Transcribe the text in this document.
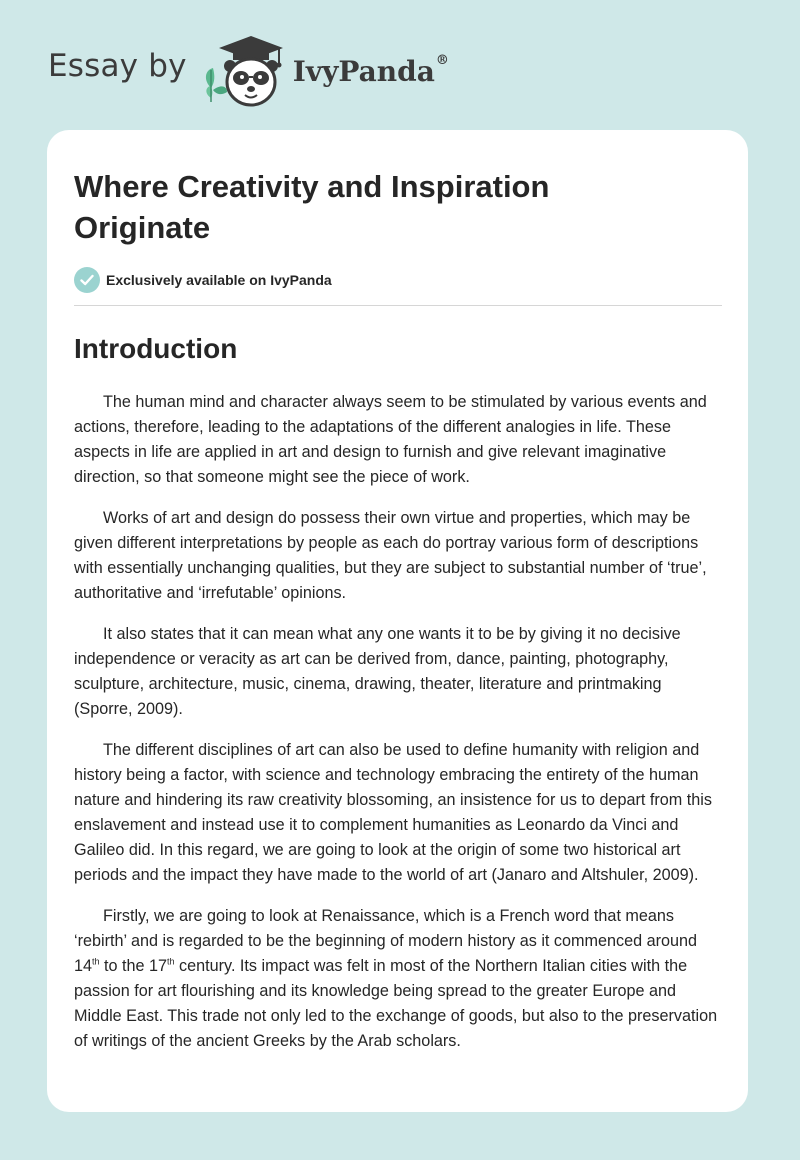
Essay by	IvyPanda®
Where Creativity and Inspiration
Originate
Exclusively available on IvyPanda
Introduction

The human mind and character always seem to be stimulated by various events and actions, therefore, leading to the adaptations of the different analogies in life. These aspects in life are applied in art and design to furnish and give relevant imaginative direction, so that someone might see the piece of work.

Works of art and design do possess their own virtue and properties, which may be given different interpretations by people as each do portray various form of descriptions with essentially unchanging qualities, but they are subject to substantial number of ‘true’, authoritative and ‘irrefutable’ opinions.

It also states that it can mean what any one wants it to be by giving it no decisive independence or veracity as art can be derived from, dance, painting, photography, sculpture, architecture, music, cinema, drawing, theater, literature and printmaking (Sporre, 2009).

The different disciplines of art can also be used to define humanity with religion and history being a factor, with science and technology embracing the entirety of the human nature and hindering its raw creativity blossoming, an insistence for us to depart from this enslavement and instead use it to complement humanities as Leonardo da Vinci and Galileo did. In this regard, we are going to look at the origin of some two historical art periods and the impact they have made to the world of art (Janaro and Altshuler, 2009).

Firstly, we are going to look at Renaissance, which is a French word that means ‘rebirth’ and is regarded to be the beginning of modern history as it commenced around 14th to the 17th century. Its impact was felt in most of the Northern Italian cities with the passion for art flourishing and its knowledge being spread to the greater Europe and Middle East. This trade not only led to the exchange of goods, but also to the preservation of writings of the ancient Greeks by the Arab scholars.
